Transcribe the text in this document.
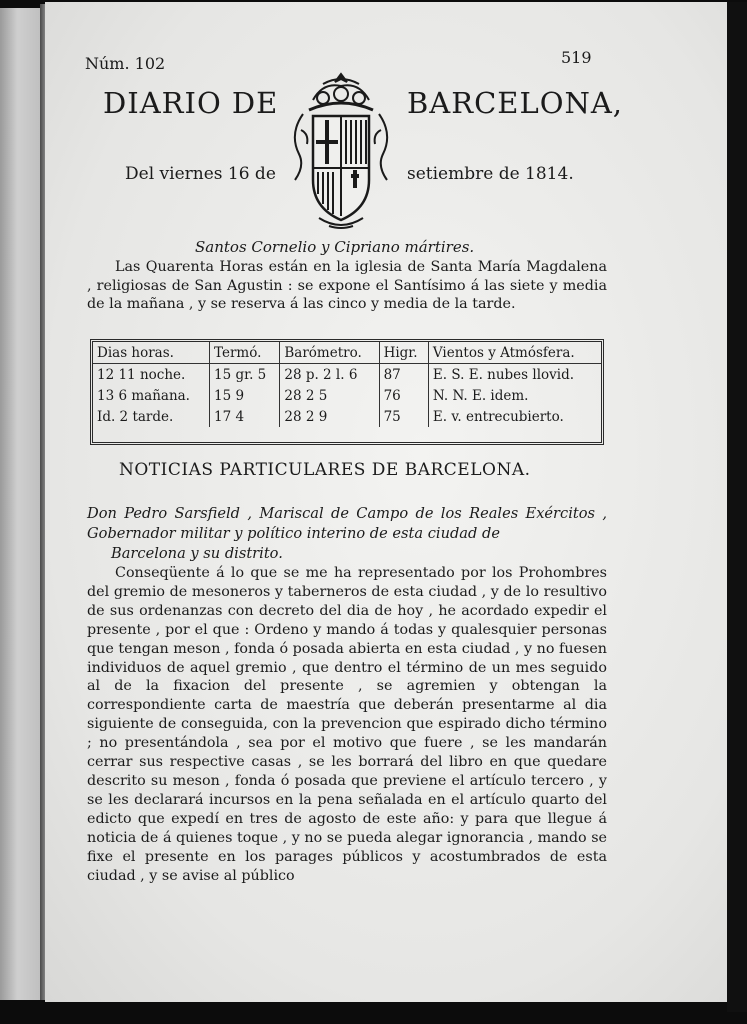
Núm. 102	519
DIARIO DE	BARCELONA,
Del viernes 16 de	setiembre de 1814.
Santos Cornelio y Cipriano mártires.
Las Quarenta Horas están en la iglesia de Santa María Magdalena , religiosas de San Agustin : se expone el Santísimo á las siete y media de la mañana , y se reserva á las cinco y media de la tarde.
Dias horas.	Termó.	Barómetro.	Higr.	Vientos y Atmósfera.
12 11 noche.	15 gr. 5	28 p. 2 l. 6	87	E. S. E. nubes llovid.
13 6 mañana.	15 9	28 2 5	76	N. N. E. idem.
Id. 2 tarde.	17 4	28 2 9	75	E. v. entrecubierto.
NOTICIAS PARTICULARES DE BARCELONA.
Don Pedro Sarsfield , Mariscal de Campo de los Reales Exércitos , Gobernador militar y político interino de esta ciudad de
Barcelona y su distrito.
Conseqüente á lo que se me ha representado por los Prohombres del gremio de mesoneros y taberneros de esta ciudad , y de lo resultivo de sus ordenanzas con decreto del dia de hoy , he acordado expedir el presente , por el que : Ordeno y mando á todas y qualesquier personas que tengan meson , fonda ó posada abierta en esta ciudad , y no fuesen individuos de aquel gremio , que dentro el término de un mes seguido al de la fixacion del presente , se agremien y obtengan la correspondiente carta de maestría que deberán presentarme al dia siguiente de conseguida, con la prevencion que espirado dicho término ; no presentándola , sea por el motivo que fuere , se les mandarán cerrar sus respective casas , se les borrará del libro en que quedare descrito su meson , fonda ó posada que previene el artículo tercero , y se les declarará incursos en la pena señalada en el artículo quarto del edicto que expedí en tres de agosto de este año: y para que llegue á noticia de á quienes toque , y no se pueda alegar ignorancia , mando se fixe el presente en los parages públicos y acostumbrados de esta ciudad , y se avise al público
